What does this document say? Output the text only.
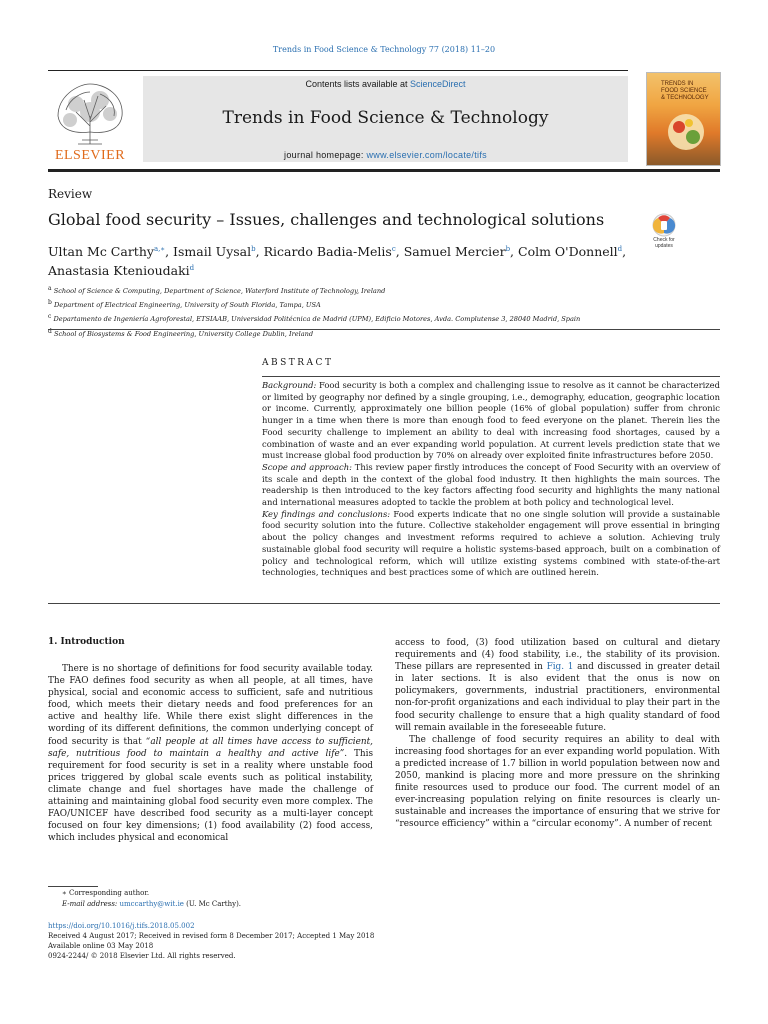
Trends in Food Science & Technology 77 (2018) 11–20
ELSEVIER
Contents lists available at ScienceDirect
Trends in Food Science & Technology
journal homepage: www.elsevier.com/locate/tifs
TRENDS IN
FOOD SCIENCE
& TECHNOLOGY
Review
Global food security – Issues, challenges and technological solutions
Check for
updates
Ultan Mc Carthy$^{a,∗}$, Ismail Uysal$^b$, Ricardo Badia-Melis$^c$, Samuel Mercier$^b$, Colm O'Donnell$^d$,
Anastasia Ktenioudaki$^d$
$^a$ School of Science & Computing, Department of Science, Waterford Institute of Technology, Ireland
$^b$ Department of Electrical Engineering, University of South Florida, Tampa, USA
$^c$ Departamento de Ingeniería Agroforestal, ETSIAAB, Universidad Politécnica de Madrid (UPM), Edificio Motores, Avda. Complutense 3, 28040 Madrid, Spain
$^d$ School of Biosystems & Food Engineering, University College Dublin, Ireland
ABSTRACT

Background: Food security is both a complex and challenging issue to resolve as it cannot be characterized or limited by geography nor defined by a single grouping, i.e., demography, education, geographic location or income. Currently, approximately one billion people (16% of global population) suffer from chronic hunger in a time when there is more than enough food to feed everyone on the planet. Therein lies the Food security challenge to implement an ability to deal with increasing food shortages, caused by a combination of waste and an ever expanding world population. At current levels prediction state that we must increase global food production by 70% on already over exploited finite infrastructures before 2050.

Scope and approach: This review paper firstly introduces the concept of Food Security with an overview of its scale and depth in the context of the global food industry. It then highlights the main sources. The readership is then introduced to the key factors affecting food security and highlights the many national and international measures adopted to tackle the problem at both policy and technological level.

Key findings and conclusions: Food experts indicate that no one single solution will provide a sustainable food security solution into the future. Collective stakeholder engagement will prove essential in bringing about the policy changes and investment reforms required to achieve a solution. Achieving truly sustainable global food security will require a holistic systems-based approach, built on a combination of policy and technological reform, which will utilize existing systems combined with state-of-the-art technologies, techniques and best practices some of which are outlined herein.

1. Introduction

There is no shortage of definitions for food security available today. The FAO defines food security as when all people, at all times, have physical, social and economic access to sufficient, safe and nutritious food, which meets their dietary needs and food preferences for an active and healthy life. While there exist slight differences in the wording of its different definitions, the common underlying concept of food security is that “all people at all times have access to sufficient, safe, nutritious food to maintain a healthy and active life”. This requirement for food security is set in a reality where unstable food prices triggered by global scale events such as political instability, climate change and fuel shortages have made the challenge of attaining and maintaining global food security even more complex. The FAO/UNICEF have described food security as a multi-layer concept focused on four key dimensions; (1) food availability (2) food access, which includes physical and economical

access to food, (3) food utilization based on cultural and dietary requirements and (4) food stability, i.e., the stability of its provision. These pillars are represented in Fig. 1 and discussed in greater detail in later sections. It is also evident that the onus is now on policymakers, governments, industrial practitioners, environmental non-for-profit organizations and each individual to play their part in the food security challenge to ensure that a high quality standard of food will remain available in the foreseeable future.

The challenge of food security requires an ability to deal with increasing food shortages for an ever expanding world population. With a predicted increase of 1.7 billion in world population between now and 2050, mankind is placing more and more pressure on the shrinking finite resources used to produce our food. The current model of an ever-increasing population relying on finite resources is clearly un-sustainable and increases the importance of ensuring that we strive for “resource efficiency” within a “circular economy”. A number of recent

∗ Corresponding author.
E-mail address: umccarthy@wit.ie (U. Mc Carthy).
https://doi.org/10.1016/j.tifs.2018.05.002
Received 4 August 2017; Received in revised form 8 December 2017; Accepted 1 May 2018
Available online 03 May 2018
0924-2244/ © 2018 Elsevier Ltd. All rights reserved.
